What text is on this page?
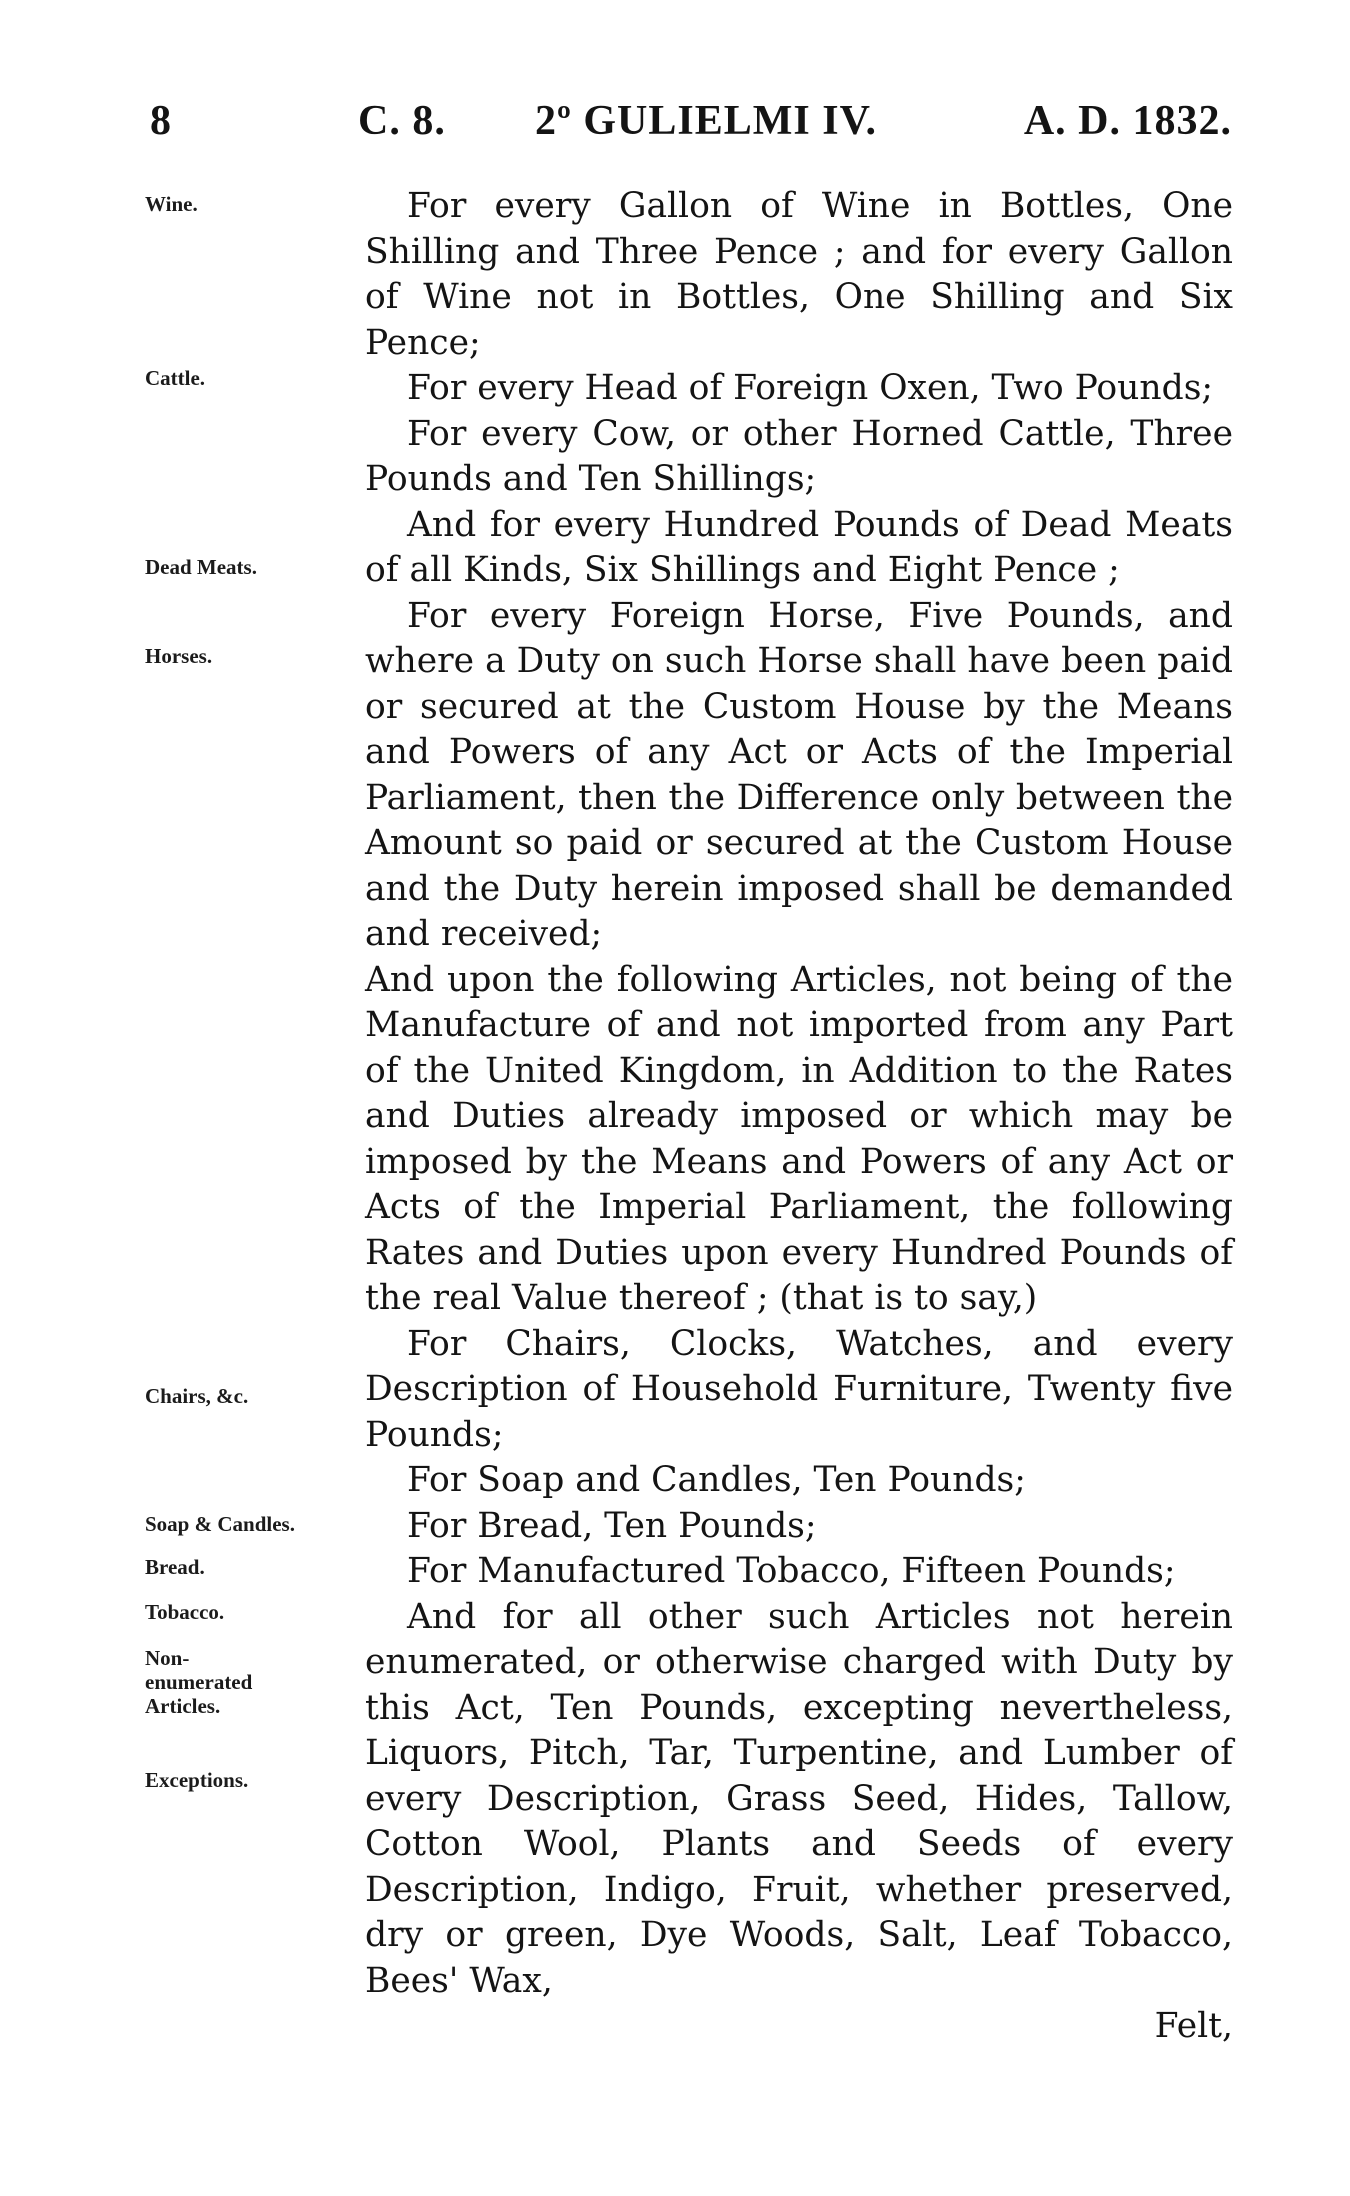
8	C. 8. 2º GULIELMI IV.	A. D. 1832.
Wine.
Cattle.
Dead Meats.
Horses.
Chairs, &c.
Soap & Candles.
Bread.
Tobacco.
Non-enumerated Articles.
Exceptions.

For every Gallon of Wine in Bottles, One Shilling and Three Pence ; and for every Gallon of Wine not in Bottles, One Shilling and Six Pence;

For every Head of Foreign Oxen, Two Pounds;

For every Cow, or other Horned Cattle, Three Pounds and Ten Shillings;

And for every Hundred Pounds of Dead Meats of all Kinds, Six Shillings and Eight Pence ;

For every Foreign Horse, Five Pounds, and where a Duty on such Horse shall have been paid or secured at the Custom House by the Means and Powers of any Act or Acts of the Imperial Parliament, then the Difference only between the Amount so paid or secured at the Custom House and the Duty herein imposed shall be demanded and received;

And upon the following Articles, not being of the Manufacture of and not imported from any Part of the United Kingdom, in Addition to the Rates and Duties already imposed or which may be imposed by the Means and Powers of any Act or Acts of the Imperial Parliament, the following Rates and Duties upon every Hundred Pounds of the real Value thereof ; (that is to say,)

For Chairs, Clocks, Watches, and every Description of Household Furniture, Twenty five Pounds;

For Soap and Candles, Ten Pounds;

For Bread, Ten Pounds;

For Manufactured Tobacco, Fifteen Pounds;

And for all other such Articles not herein enumerated, or otherwise charged with Duty by this Act, Ten Pounds, excepting nevertheless, Liquors, Pitch, Tar, Turpentine, and Lumber of every Description, Grass Seed, Hides, Tallow, Cotton Wool, Plants and Seeds of every Description, Indigo, Fruit, whether preserved, dry or green, Dye Woods, Salt, Leaf Tobacco, Bees' Wax,

Felt,
